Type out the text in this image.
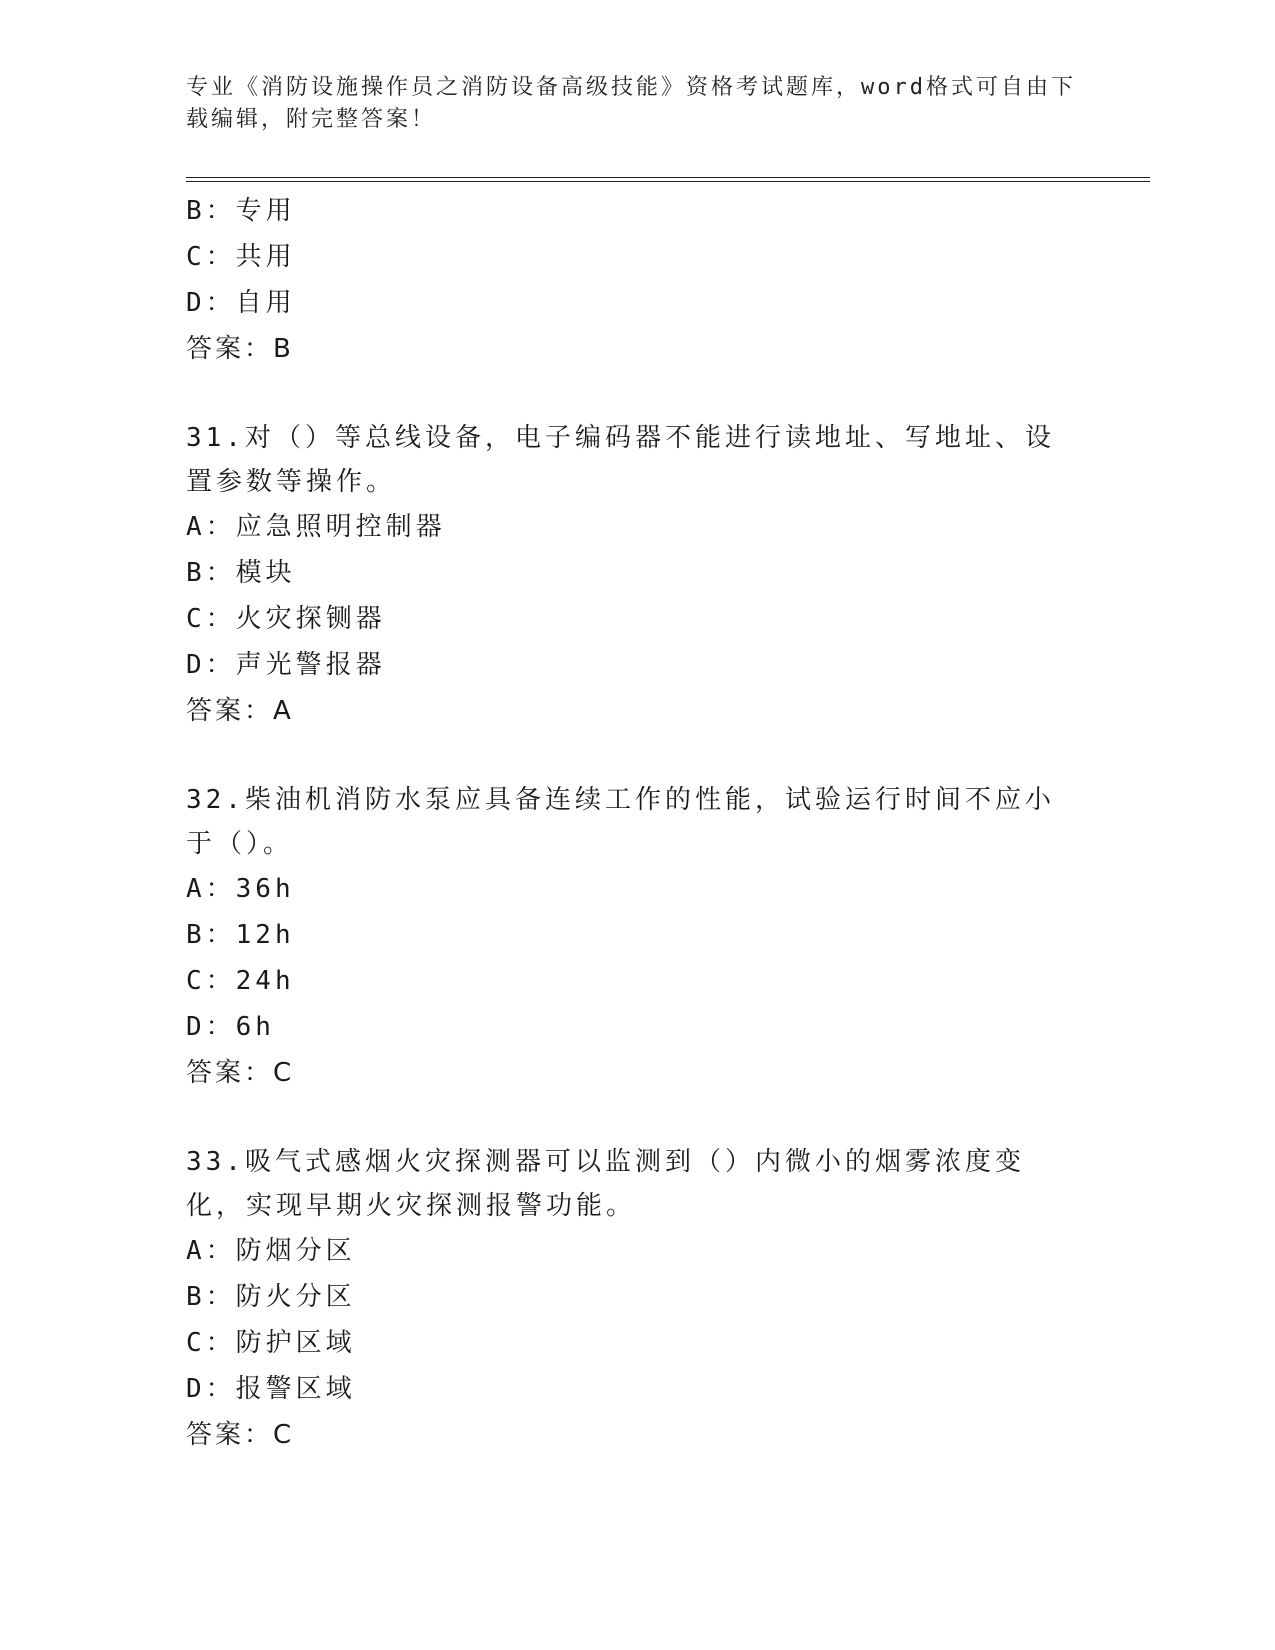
专业《消防设施操作员之消防设备高级技能》资格考试题库，word格式可自由下载编辑，附完整答案！
B：专用
C：共用
D：自用
答案：B
31.对（）等总线设备，电子编码器不能进行读地址、写地址、设置参数等操作。
A：应急照明控制器
B：模块
C：火灾探铡器
D：声光警报器
答案：A
32.柴油机消防水泵应具备连续工作的性能，试验运行时间不应小于（）。
A：36h
B：12h
C：24h
D：6h
答案：C
33.吸气式感烟火灾探测器可以监测到（）内微小的烟雾浓度变化，实现早期火灾探测报警功能。
A：防烟分区
B：防火分区
C：防护区域
D：报警区域
答案：C
